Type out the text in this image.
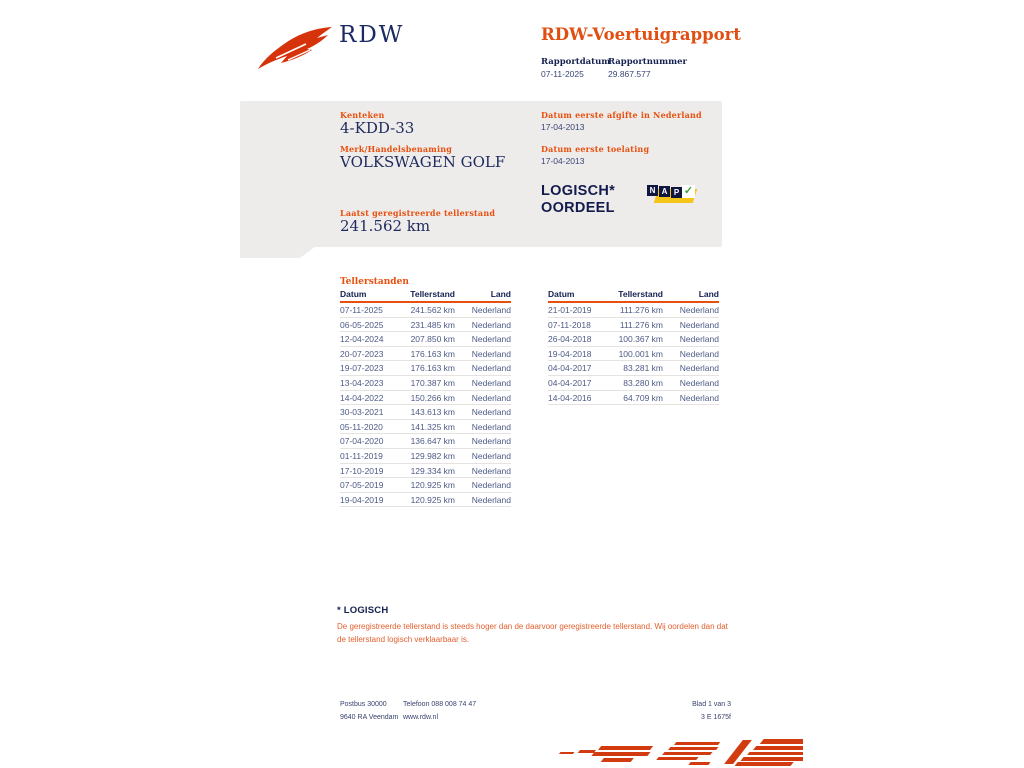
RDW	RDW-Voertuigrapport
Rapportdatum
07-11-2025
Rapportnummer
29.867.577
Kenteken
4-KDD-33
Merk/Handelsbenaming
VOLKSWAGEN GOLF
Laatst geregistreerde tellerstand
241.562 km
Datum eerste afgifte in Nederland
17-04-2013
Datum eerste toelating
17-04-2013
LOGISCH*
OORDEEL
N A P ✓
Tellerstanden
Datum	Tellerstand	Land
07-11-2025	241.562 km	Nederland
06-05-2025	231.485 km	Nederland
12-04-2024	207.850 km	Nederland
20-07-2023	176.163 km	Nederland
19-07-2023	176.163 km	Nederland
13-04-2023	170.387 km	Nederland
14-04-2022	150.266 km	Nederland
30-03-2021	143.613 km	Nederland
05-11-2020	141.325 km	Nederland
07-04-2020	136.647 km	Nederland
01-11-2019	129.982 km	Nederland
17-10-2019	129.334 km	Nederland
07-05-2019	120.925 km	Nederland
19-04-2019	120.925 km	Nederland
Datum	Tellerstand	Land
21-01-2019	111.276 km	Nederland
07-11-2018	111.276 km	Nederland
26-04-2018	100.367 km	Nederland
19-04-2018	100.001 km	Nederland
04-04-2017	83.281 km	Nederland
04-04-2017	83.280 km	Nederland
14-04-2016	64.709 km	Nederland
* LOGISCH
De geregistreerde tellerstand is steeds hoger dan de daarvoor geregistreerde tellerstand. Wij oordelen dan dat de tellerstand logisch verklaarbaar is.
Postbus 30000
9640 RA Veendam
Telefoon 088 008 74 47
www.rdw.nl
Blad 1 van 3
3 E 1675f
